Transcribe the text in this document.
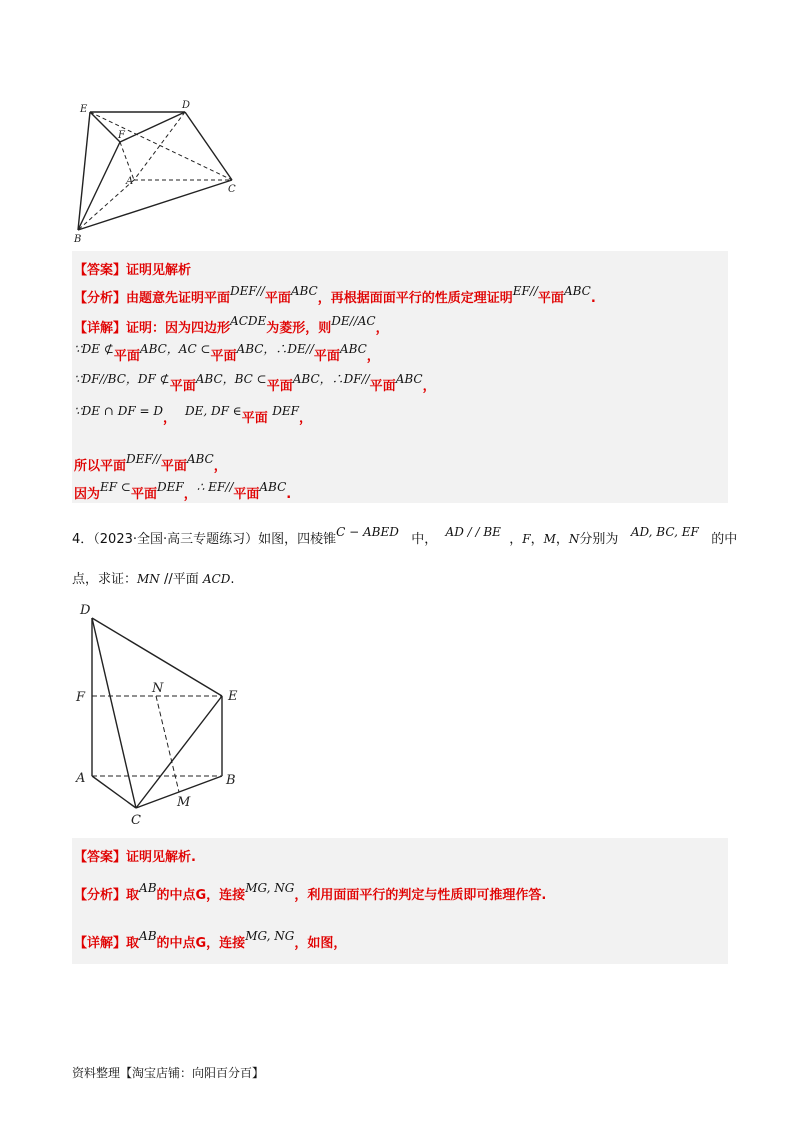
E	D
F
A
C
B
【答案】证明见解析
【分析】由题意先证明平面DEF//平面ABC，再根据面面平行的性质定理证明EF//平面ABC.
【详解】证明：因为四边形ACDE为菱形，则DE//AC，
∵DE ⊄平面ABC，AC ⊂平面ABC，∴DE//平面ABC，
∵DF//BC，DF ⊄平面ABC，BC ⊂平面ABC，∴DF//平面ABC，
∵DE ∩ DF = D， DE, DF ∈平面 DEF，
所以平面DEF//平面ABC，
因为EF ⊂平面DEF，∴ EF//平面ABC.
4．（2023·全国·高三专题练习）如图，四棱锥C − ABED 中， AD / / BE ，F，M，N分别为 AD, BC, EF 的中
点，求证：MN //平面 ACD.
D
F
N
E
A	B
M
C
【答案】证明见解析.
【分析】取AB的中点G，连接MG, NG，利用面面平行的判定与性质即可推理作答.
【详解】取AB的中点G，连接MG, NG，如图，
资料整理【淘宝店铺：向阳百分百】
